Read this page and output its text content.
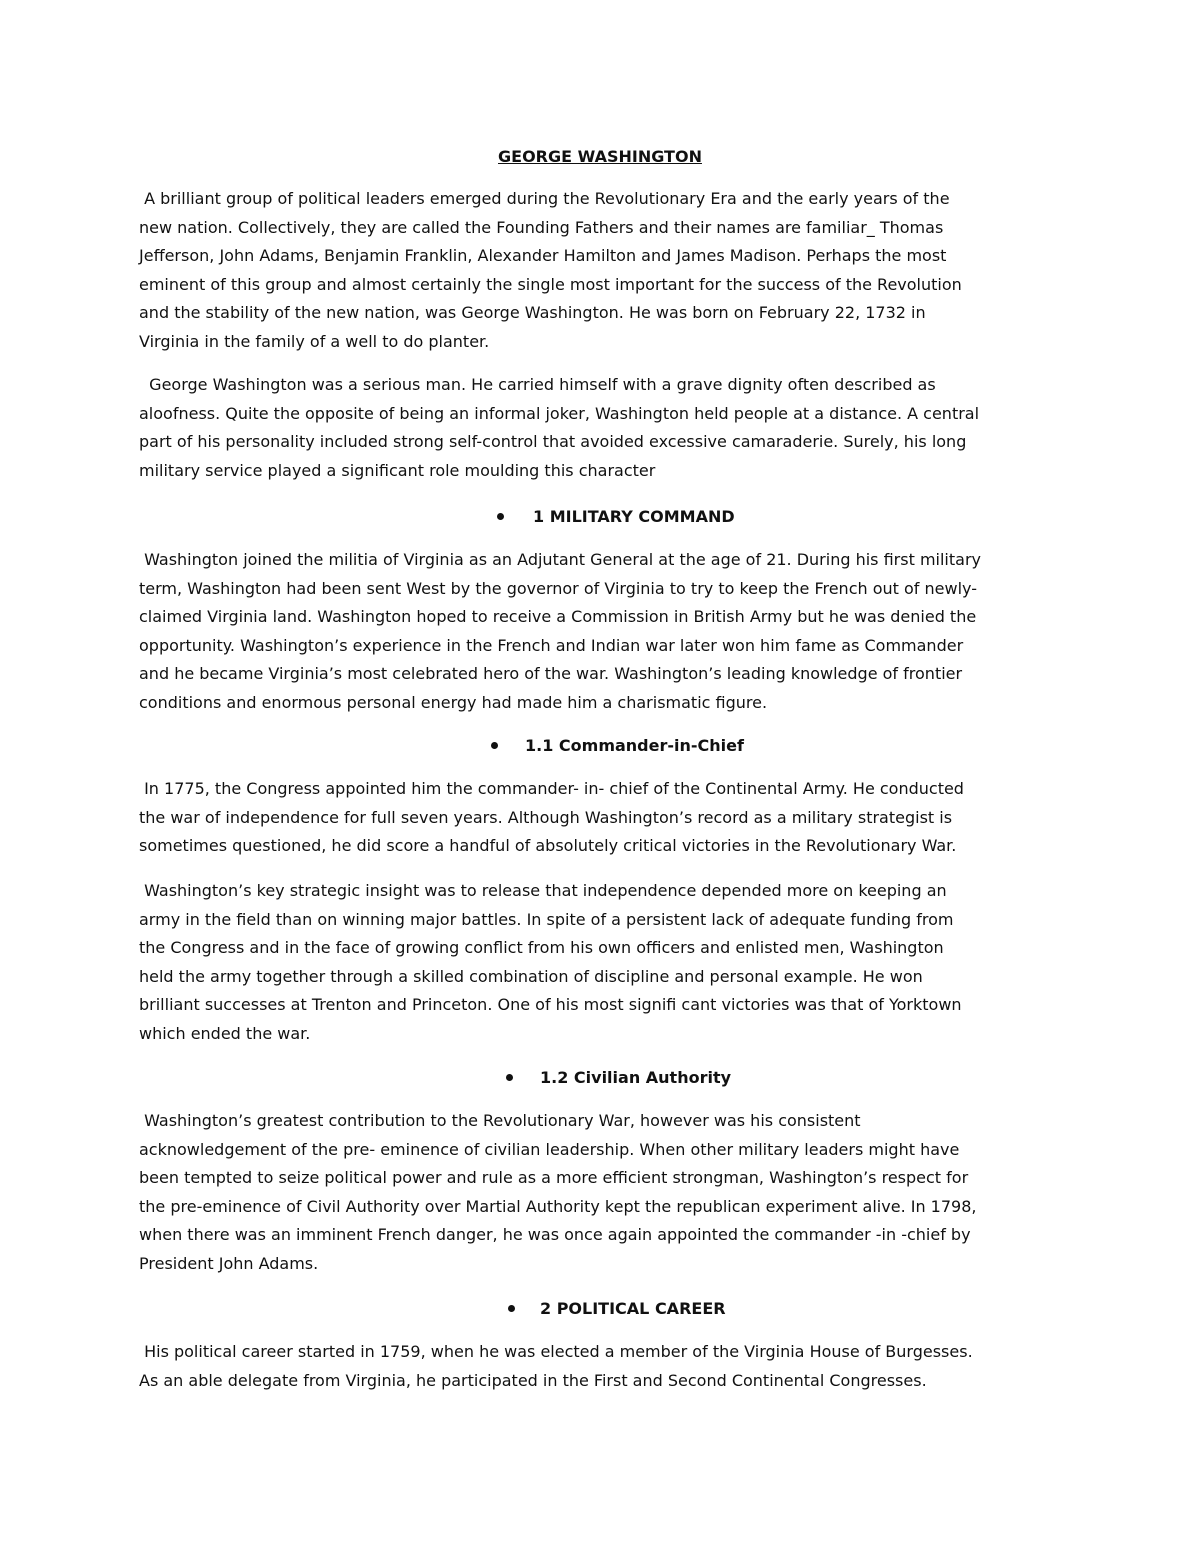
GEORGE WASHINGTON
A brilliant group of political leaders emerged during the Revolutionary Era and the early years of the
new nation. Collectively, they are called the Founding Fathers and their names are familiar_ Thomas
Jefferson, John Adams, Benjamin Franklin, Alexander Hamilton and James Madison. Perhaps the most
eminent of this group and almost certainly the single most important for the success of the Revolution
and the stability of the new nation, was George Washington. He was born on February 22, 1732 in
Virginia in the family of a well to do planter.
George Washington was a serious man. He carried himself with a grave dignity often described as
aloofness. Quite the opposite of being an informal joker, Washington held people at a distance. A central
part of his personality included strong self-control that avoided excessive camaraderie. Surely, his long
military service played a significant role moulding this character
1 MILITARY COMMAND
Washington joined the militia of Virginia as an Adjutant General at the age of 21. During his first military
term, Washington had been sent West by the governor of Virginia to try to keep the French out of newly-
claimed Virginia land. Washington hoped to receive a Commission in British Army but he was denied the
opportunity. Washington’s experience in the French and Indian war later won him fame as Commander
and he became Virginia’s most celebrated hero of the war. Washington’s leading knowledge of frontier
conditions and enormous personal energy had made him a charismatic figure.
1.1 Commander-in-Chief
In 1775, the Congress appointed him the commander- in- chief of the Continental Army. He conducted
the war of independence for full seven years. Although Washington’s record as a military strategist is
sometimes questioned, he did score a handful of absolutely critical victories in the Revolutionary War.
Washington’s key strategic insight was to release that independence depended more on keeping an
army in the field than on winning major battles. In spite of a persistent lack of adequate funding from
the Congress and in the face of growing conflict from his own officers and enlisted men, Washington
held the army together through a skilled combination of discipline and personal example. He won
brilliant successes at Trenton and Princeton. One of his most signifi cant victories was that of Yorktown
which ended the war.
1.2 Civilian Authority
Washington’s greatest contribution to the Revolutionary War, however was his consistent
acknowledgement of the pre- eminence of civilian leadership. When other military leaders might have
been tempted to seize political power and rule as a more efficient strongman, Washington’s respect for
the pre-eminence of Civil Authority over Martial Authority kept the republican experiment alive. In 1798,
when there was an imminent French danger, he was once again appointed the commander -in -chief by
President John Adams.
2 POLITICAL CAREER
His political career started in 1759, when he was elected a member of the Virginia House of Burgesses.
As an able delegate from Virginia, he participated in the First and Second Continental Congresses.
